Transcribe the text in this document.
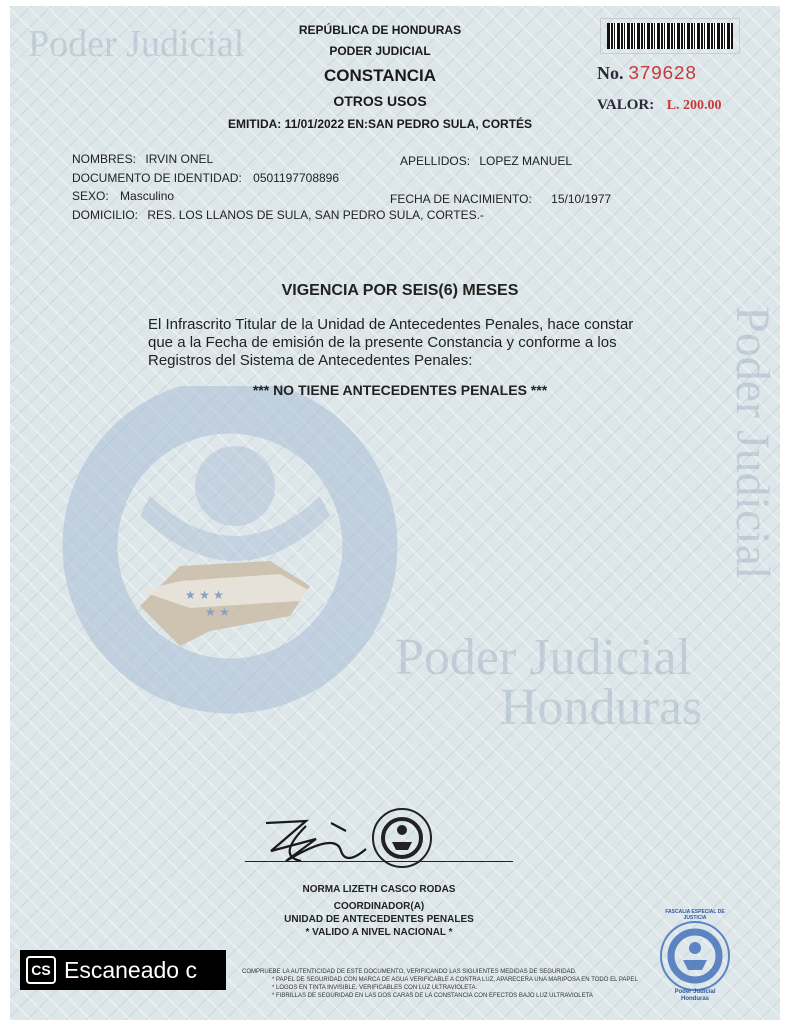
Poder Judicial
Poder Judicial
★ ★ ★
★ ★
Poder Judicial
Honduras
REPÚBLICA DE HONDURAS
PODER JUDICIAL
CONSTANCIA
OTROS USOS
EMITIDA: 11/01/2022 EN:SAN PEDRO SULA, CORTÉS
No. 379628
VALOR: L. 200.00
NOMBRES: IRVIN ONEL	APELLIDOS: LOPEZ MANUEL
DOCUMENTO DE IDENTIDAD: 0501197708896
SEXO: Masculino	FECHA DE NACIMIENTO: 15/10/1977
DOMICILIO: RES. LOS LLANOS DE SULA, SAN PEDRO SULA, CORTES.-
VIGENCIA POR SEIS(6) MESES
El Infrascrito Titular de la Unidad de Antecedentes Penales, hace constar
que a la Fecha de emisión de la presente Constancia y conforme a los
Registros del Sistema de Antecedentes Penales:
*** NO TIENE ANTECEDENTES PENALES ***
NORMA LIZETH CASCO RODAS
COORDINADOR(A)
UNIDAD DE ANTECEDENTES PENALES
* VALIDO A NIVEL NACIONAL *
Poder Judicial
Honduras
FASCALIA ESPECIAL DE JUSTICIA
COMPRUEBE LA AUTENTICIDAD DE ESTE DOCUMENTO, VERIFICANDO LAS SIGUIENTES MEDIDAS DE SEGURIDAD.
* PAPEL DE SEGURIDAD CON MARCA DE AGUA VERIFICABLE A CONTRA LUZ, APARECERA UNA MARIPOSA EN TODO EL PAPEL
* LOGOS EN TINTA INVISIBLE, VERIFICABLES CON LUZ ULTRAVIOLETA.
* FIBRILLAS DE SEGURIDAD EN LAS DOS CARAS DE LA CONSTANCIA CON EFECTOS BAJO LUZ ULTRAVIOLETA
CS Escaneado c
